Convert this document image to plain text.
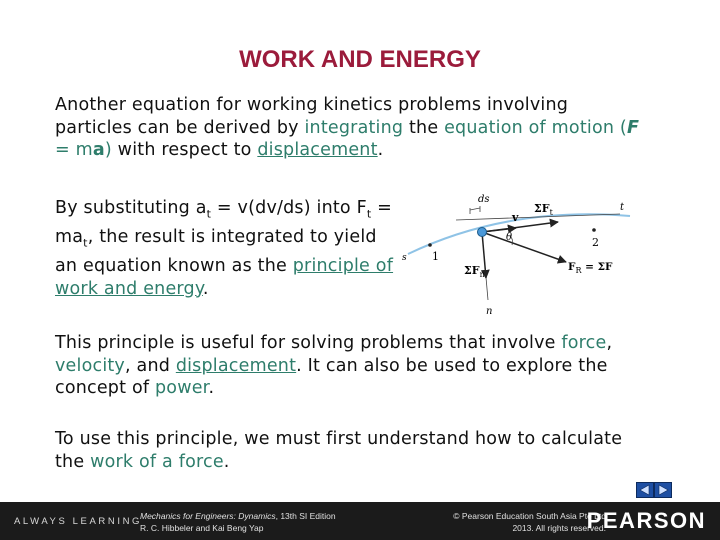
WORK AND ENERGY
Another equation for working kinetics problems involving particles can be derived by integrating the equation of motion (F = ma) with respect to displacement.
By substituting $a_t = v(dv/ds)$ into $F_t = ma_t$, the result is integrated to yield an equation known as the principle of work and energy.
ds
v
$\Sigma F_t$	t
θ
1
2
s
$\Sigma F_n$
$F_R = \Sigma F$
n
This principle is useful for solving problems that involve force, velocity, and displacement. It can also be used to explore the concept of power.
To use this principle, we must first understand how to calculate the work of a force.
ALWAYS LEARNING
Mechanics for Engineers: Dynamics, 13th SI Edition
R. C. Hibbeler and Kai Beng Yap
© Pearson Education South Asia Pte Ltd
2013. All rights reserved.
PEARSON
